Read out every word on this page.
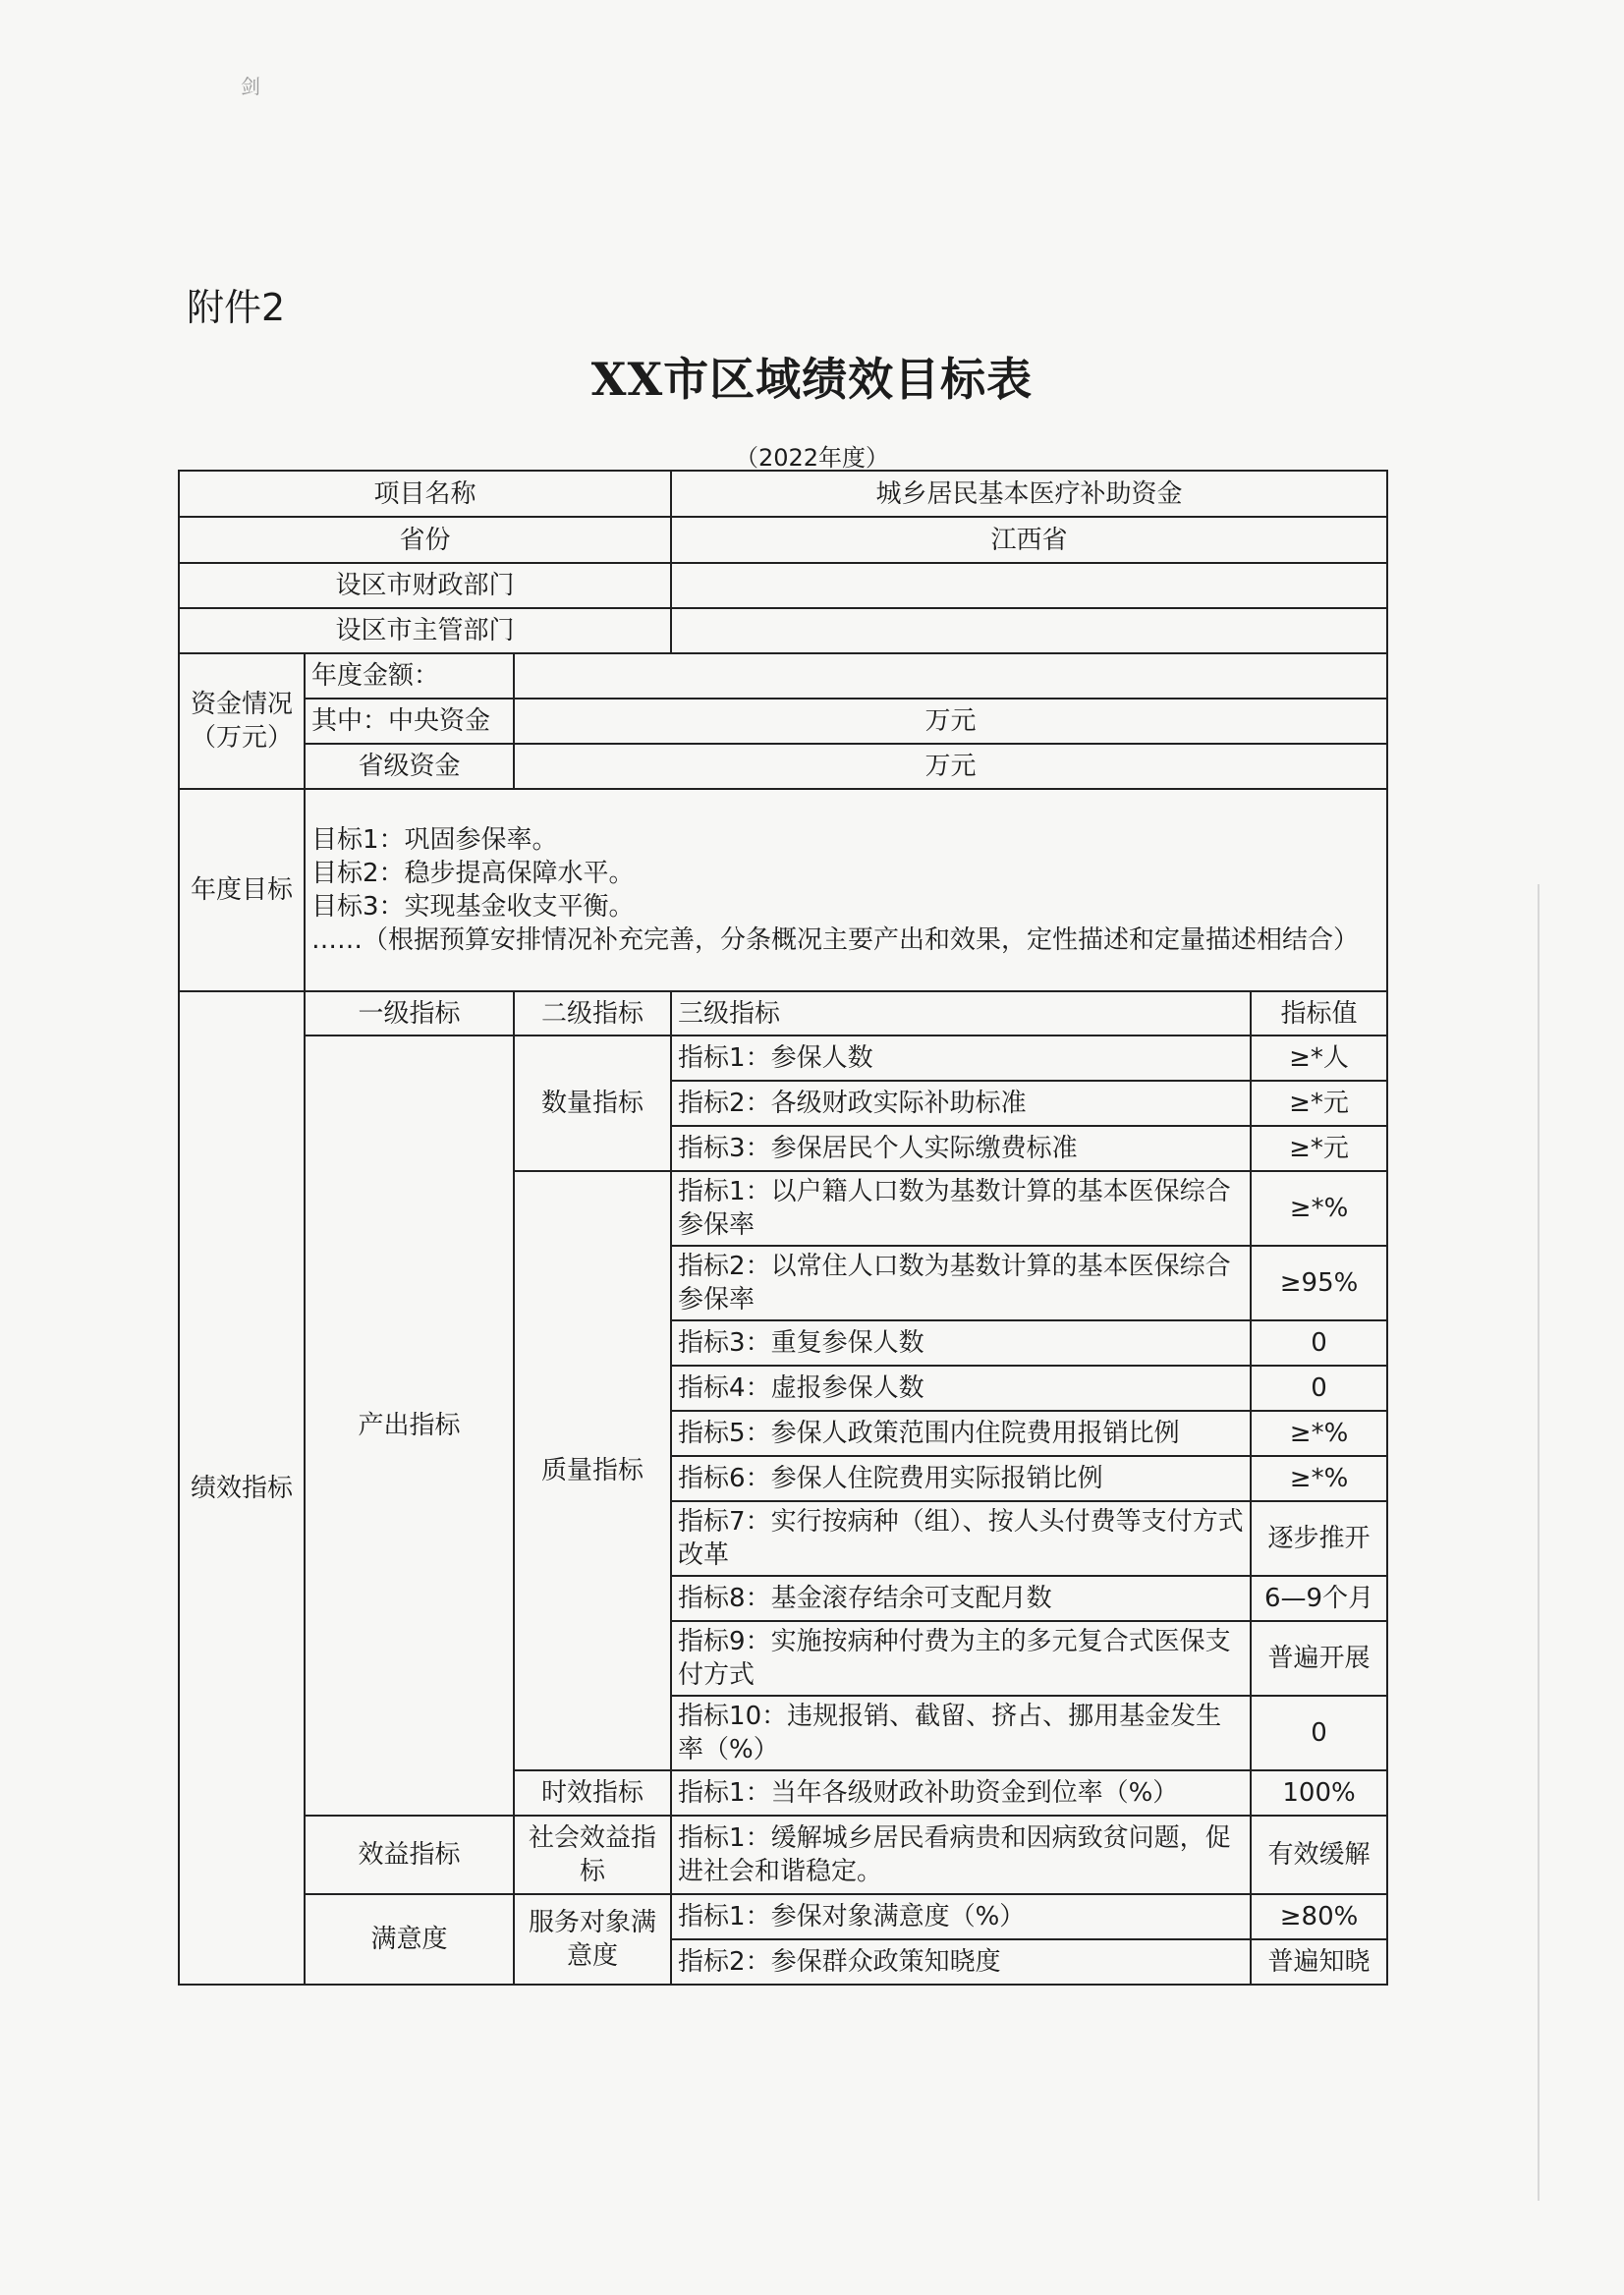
剑
附件2
XX市区域绩效目标表
（2022年度）
项目名称			城乡居民基本医疗补助资金	
省份			江西省	
设区市财政部门				
设区市主管部门				
资金情况（万元）	年度金额：			
	其中：中央资金	万元		
	省级资金	万元		
年度目标	目标1：巩固参保率。
目标2：稳步提高保障水平。
目标3：实现基金收支平衡。
……（根据预算安排情况补充完善，分条概况主要产出和效果，定性描述和定量描述相结合）			

绩效指标	一级指标	二级指标	三级指标	指标值
	产出指标	数量指标	指标1：参保人数	≥*人
			指标2：各级财政实际补助标准	≥*元
			指标3：参保居民个人实际缴费标准	≥*元
		质量指标	指标1：以户籍人口数为基数计算的基本医保综合参保率	≥*%
			指标2：以常住人口数为基数计算的基本医保综合参保率	≥95%
			指标3：重复参保人数	0
			指标4：虚报参保人数	0
			指标5：参保人政策范围内住院费用报销比例	≥*%
			指标6：参保人住院费用实际报销比例	≥*%
			指标7：实行按病种（组）、按人头付费等支付方式改革	逐步推开
			指标8：基金滚存结余可支配月数	6—9个月
			指标9：实施按病种付费为主的多元复合式医保支付方式	普遍开展
			指标10：违规报销、截留、挤占、挪用基金发生率（%）	0
		时效指标	指标1：当年各级财政补助资金到位率（%）	100%
	效益指标	社会效益指标	指标1：缓解城乡居民看病贵和因病致贫问题，促进社会和谐稳定。	有效缓解
	满意度	服务对象满意度	指标1：参保对象满意度（%）	≥80%
			指标2：参保群众政策知晓度	普遍知晓
